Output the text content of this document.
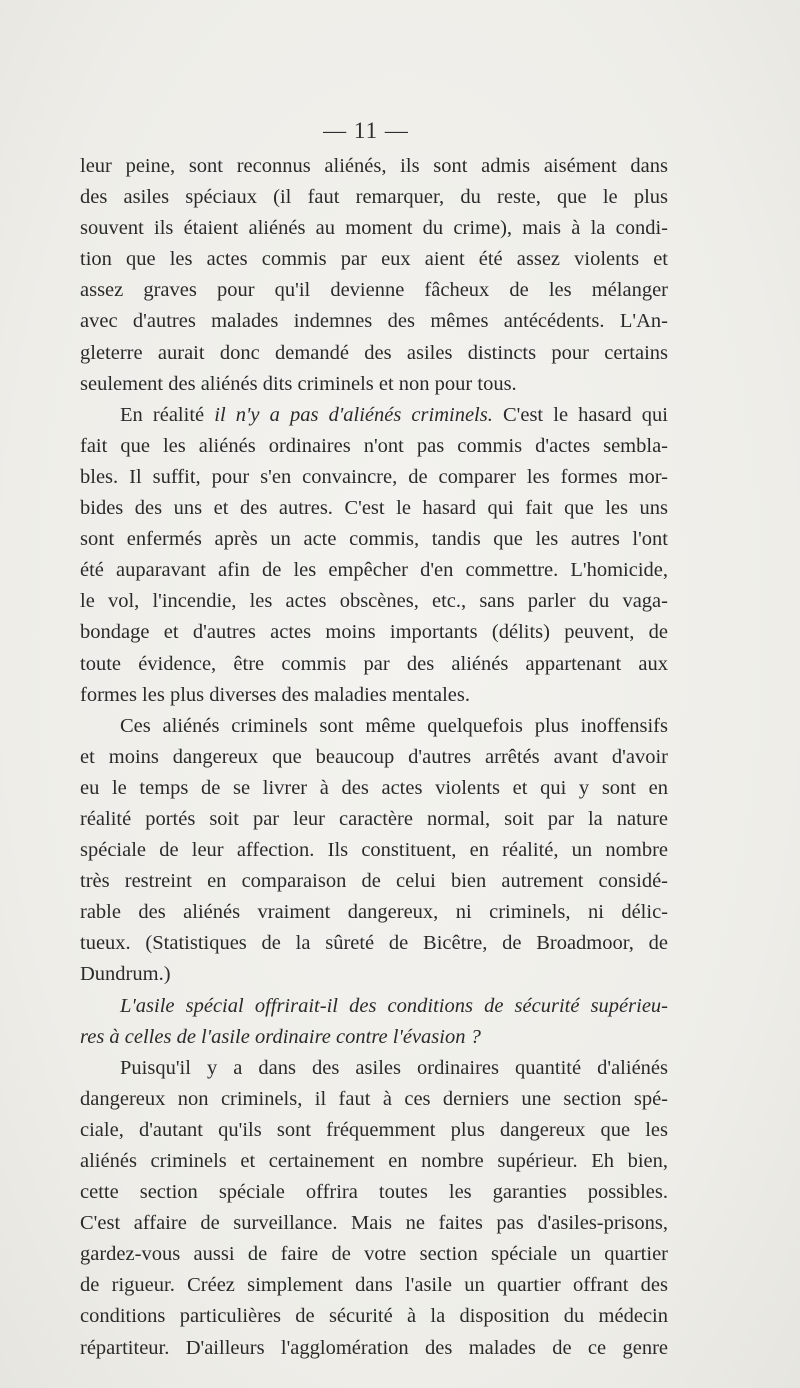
— 11 —
leur peine, sont reconnus aliénés, ils sont admis aisément dans
des asiles spéciaux (il faut remarquer, du reste, que le plus
souvent ils étaient aliénés au moment du crime), mais à la condi-
tion que les actes commis par eux aient été assez violents et
assez graves pour qu'il devienne fâcheux de les mélanger
avec d'autres malades indemnes des mêmes antécédents. L'An-
gleterre aurait donc demandé des asiles distincts pour certains
seulement des aliénés dits criminels et non pour tous.
En réalité il n'y a pas d'aliénés criminels. C'est le hasard qui
fait que les aliénés ordinaires n'ont pas commis d'actes sembla-
bles. Il suffit, pour s'en convaincre, de comparer les formes mor-
bides des uns et des autres. C'est le hasard qui fait que les uns
sont enfermés après un acte commis, tandis que les autres l'ont
été auparavant afin de les empêcher d'en commettre. L'homicide,
le vol, l'incendie, les actes obscènes, etc., sans parler du vaga-
bondage et d'autres actes moins importants (délits) peuvent, de
toute évidence, être commis par des aliénés appartenant aux
formes les plus diverses des maladies mentales.
Ces aliénés criminels sont même quelquefois plus inoffensifs
et moins dangereux que beaucoup d'autres arrêtés avant d'avoir
eu le temps de se livrer à des actes violents et qui y sont en
réalité portés soit par leur caractère normal, soit par la nature
spéciale de leur affection. Ils constituent, en réalité, un nombre
très restreint en comparaison de celui bien autrement considé-
rable des aliénés vraiment dangereux, ni criminels, ni délic-
tueux. (Statistiques de la sûreté de Bicêtre, de Broadmoor, de
Dundrum.)
L'asile spécial offrirait-il des conditions de sécurité supérieu-
res à celles de l'asile ordinaire contre l'évasion ?
Puisqu'il y a dans des asiles ordinaires quantité d'aliénés
dangereux non criminels, il faut à ces derniers une section spé-
ciale, d'autant qu'ils sont fréquemment plus dangereux que les
aliénés criminels et certainement en nombre supérieur. Eh bien,
cette section spéciale offrira toutes les garanties possibles.
C'est affaire de surveillance. Mais ne faites pas d'asiles-prisons,
gardez-vous aussi de faire de votre section spéciale un quartier
de rigueur. Créez simplement dans l'asile un quartier offrant des
conditions particulières de sécurité à la disposition du médecin
répartiteur. D'ailleurs l'agglomération des malades de ce genre
